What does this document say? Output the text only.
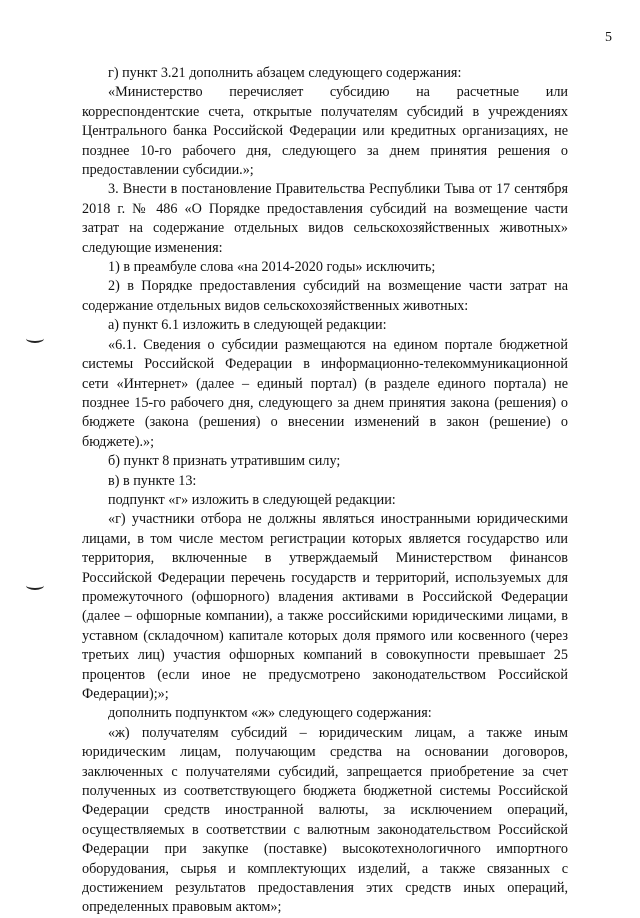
5

г) пункт 3.21 дополнить абзацем следующего содержания:

«Министерство перечисляет субсидию на расчетные или корреспондентские счета, открытые получателям субсидий в учреждениях Центрального банка Российской Федерации или кредитных организациях, не позднее 10-го рабочего дня, следующего за днем принятия решения о предоставлении субсидии.»;

3. Внести в постановление Правительства Республики Тыва от 17 сентября 2018 г. № 486 «О Порядке предоставления субсидий на возмещение части затрат на содержание отдельных видов сельскохозяйственных животных» следующие изменения:

1) в преамбуле слова «на 2014-2020 годы» исключить;

2) в Порядке предоставления субсидий на возмещение части затрат на содержание отдельных видов сельскохозяйственных животных:

а) пункт 6.1 изложить в следующей редакции:

«6.1. Сведения о субсидии размещаются на едином портале бюджетной системы Российской Федерации в информационно-телекоммуникационной сети «Интернет» (далее – единый портал) (в разделе единого портала) не позднее 15-го рабочего дня, следующего за днем принятия закона (решения) о бюджете (закона (решения) о внесении изменений в закон (решение) о бюджете).»;

б) пункт 8 признать утратившим силу;

в) в пункте 13:

подпункт «г» изложить в следующей редакции:

«г) участники отбора не должны являться иностранными юридическими лицами, в том числе местом регистрации которых является государство или территория, включенные в утверждаемый Министерством финансов Российской Федерации перечень государств и территорий, используемых для промежуточного (офшорного) владения активами в Российской Федерации (далее – офшорные компании), а также российскими юридическими лицами, в уставном (складочном) капитале которых доля прямого или косвенного (через третьих лиц) участия офшорных компаний в совокупности превышает 25 процентов (если иное не предусмотрено законодательством Российской Федерации);»;

дополнить подпунктом «ж» следующего содержания:

«ж) получателям субсидий – юридическим лицам, а также иным юридическим лицам, получающим средства на основании договоров, заключенных с получателями субсидий, запрещается приобретение за счет полученных из соответствующего бюджета бюджетной системы Российской Федерации средств иностранной валюты, за исключением операций, осуществляемых в соответствии с валютным законодательством Российской Федерации при закупке (поставке) высокотехнологичного импортного оборудования, сырья и комплектующих изделий, а также связанных с достижением результатов предоставления этих средств иных операций, определенных правовым актом»;
